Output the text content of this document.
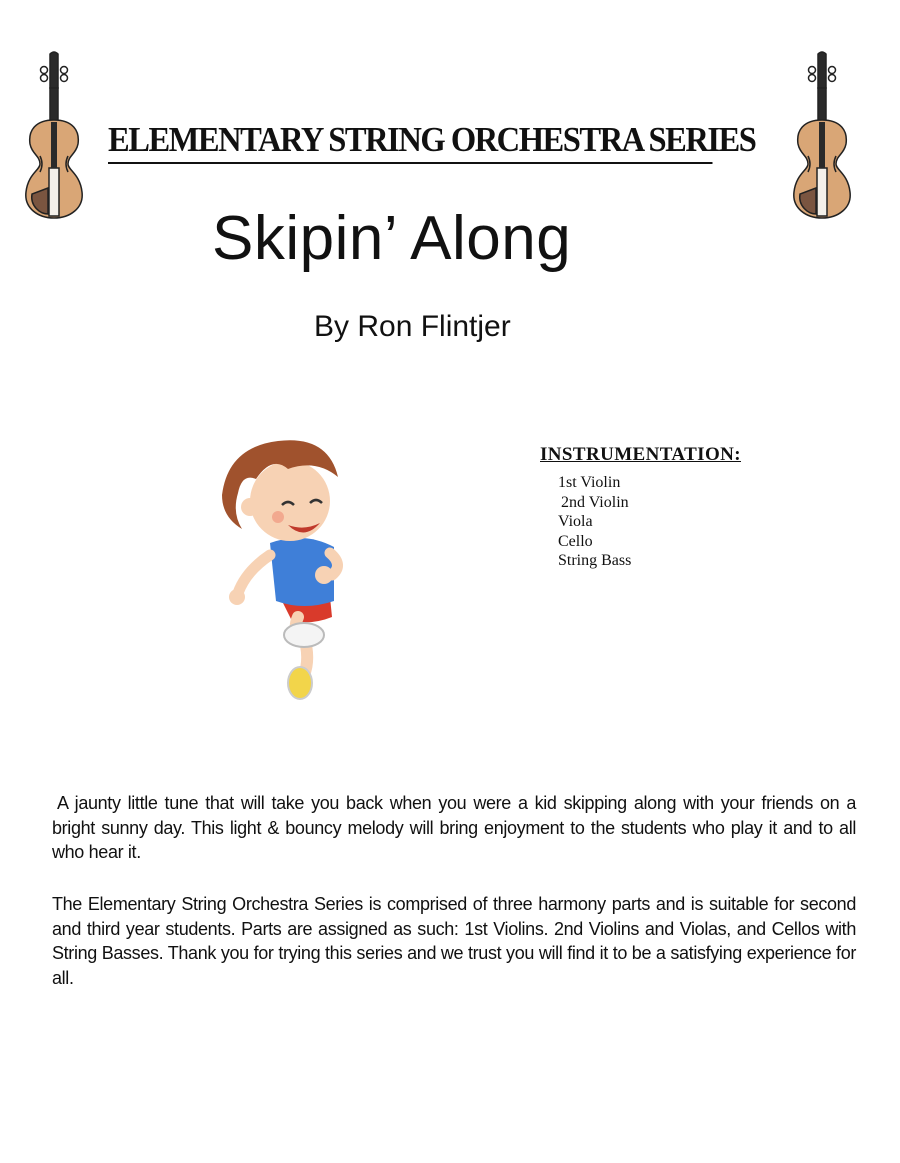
ELEMENTARY STRING ORCHESTRA SERIES
Skipin’ Along
By Ron Flintjer
INSTRUMENTATION:
1st Violin
2nd Violin
Viola
Cello
String Bass

A jaunty little tune that will take you back when you were a kid skipping along with your friends on a bright sunny day. This light & bouncy melody will bring enjoyment to the students who play it and to all who hear it.

The Elementary String Orchestra Series is comprised of three harmony parts and is suitable for second and third year students. Parts are assigned as such: 1st Violins. 2nd Violins and Violas, and Cellos with String Basses. Thank you for trying this series and we trust you will find it to be a satisfying experience for all.
